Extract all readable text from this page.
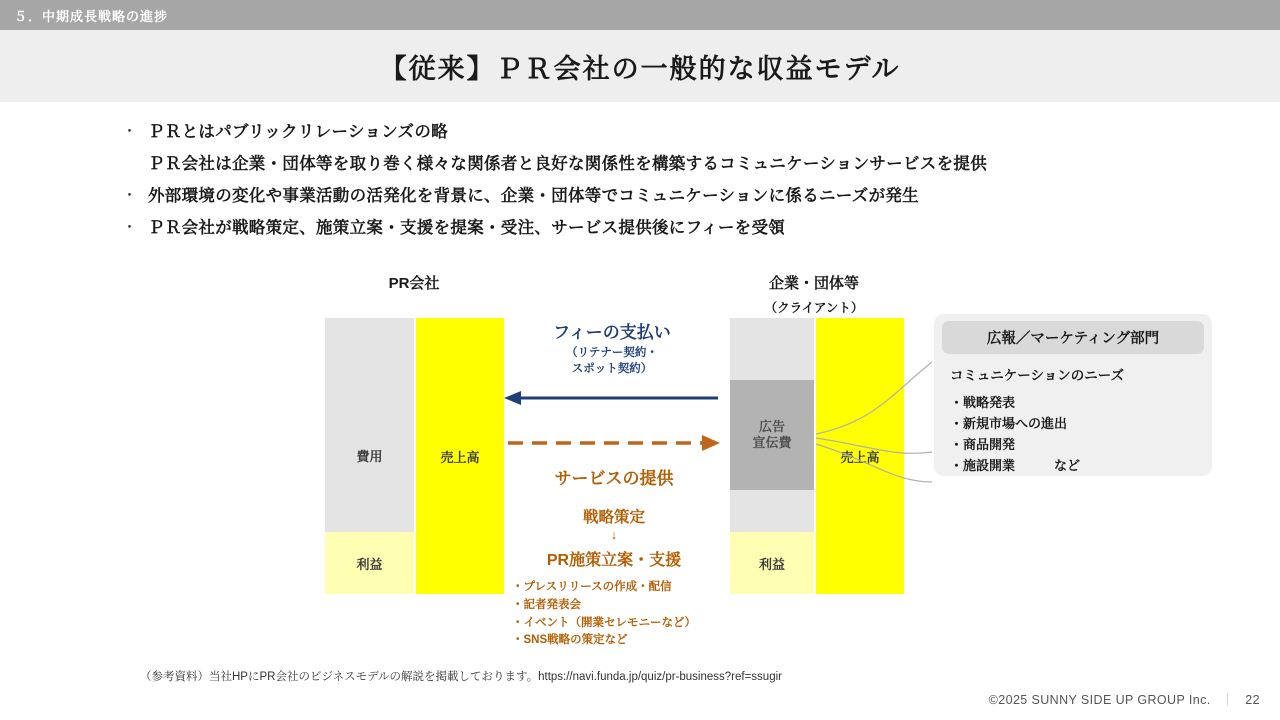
５．中期成長戦略の進捗
【従来】ＰＲ会社の一般的な収益モデル
・ ＰＲとはパブリックリレーションズの略
ＰＲ会社は企業・団体等を取り巻く様々な関係者と良好な関係性を構築するコミュニケーションサービスを提供
・ 外部環境の変化や事業活動の活発化を背景に、企業・団体等でコミュニケーションに係るニーズが発生
・ ＰＲ会社が戦略策定、施策立案・支援を提案・受注、サービス提供後にフィーを受領
PR会社	企業・団体等
（クライアント）
費用
利益
売上高
広告
宣伝費
利益
売上高
フィーの支払い
（リテナー契約・
スポット契約）
サービスの提供
戦略策定
↓
PR施策立案・支援
・プレスリリースの作成・配信
・記者発表会
・イベント（開業セレモニーなど）
・SNS戦略の策定など
広報／マーケティング部門
コミュニケーションのニーズ
・戦略発表
・新規市場への進出
・商品開発
・施設開業　　　など
（参考資料）当社HPにPR会社のビジネスモデルの解説を掲載しております。https://navi.funda.jp/quiz/pr-business?ref=ssugir
©2025 SUNNY SIDE UP GROUP Inc. ｜ 22
